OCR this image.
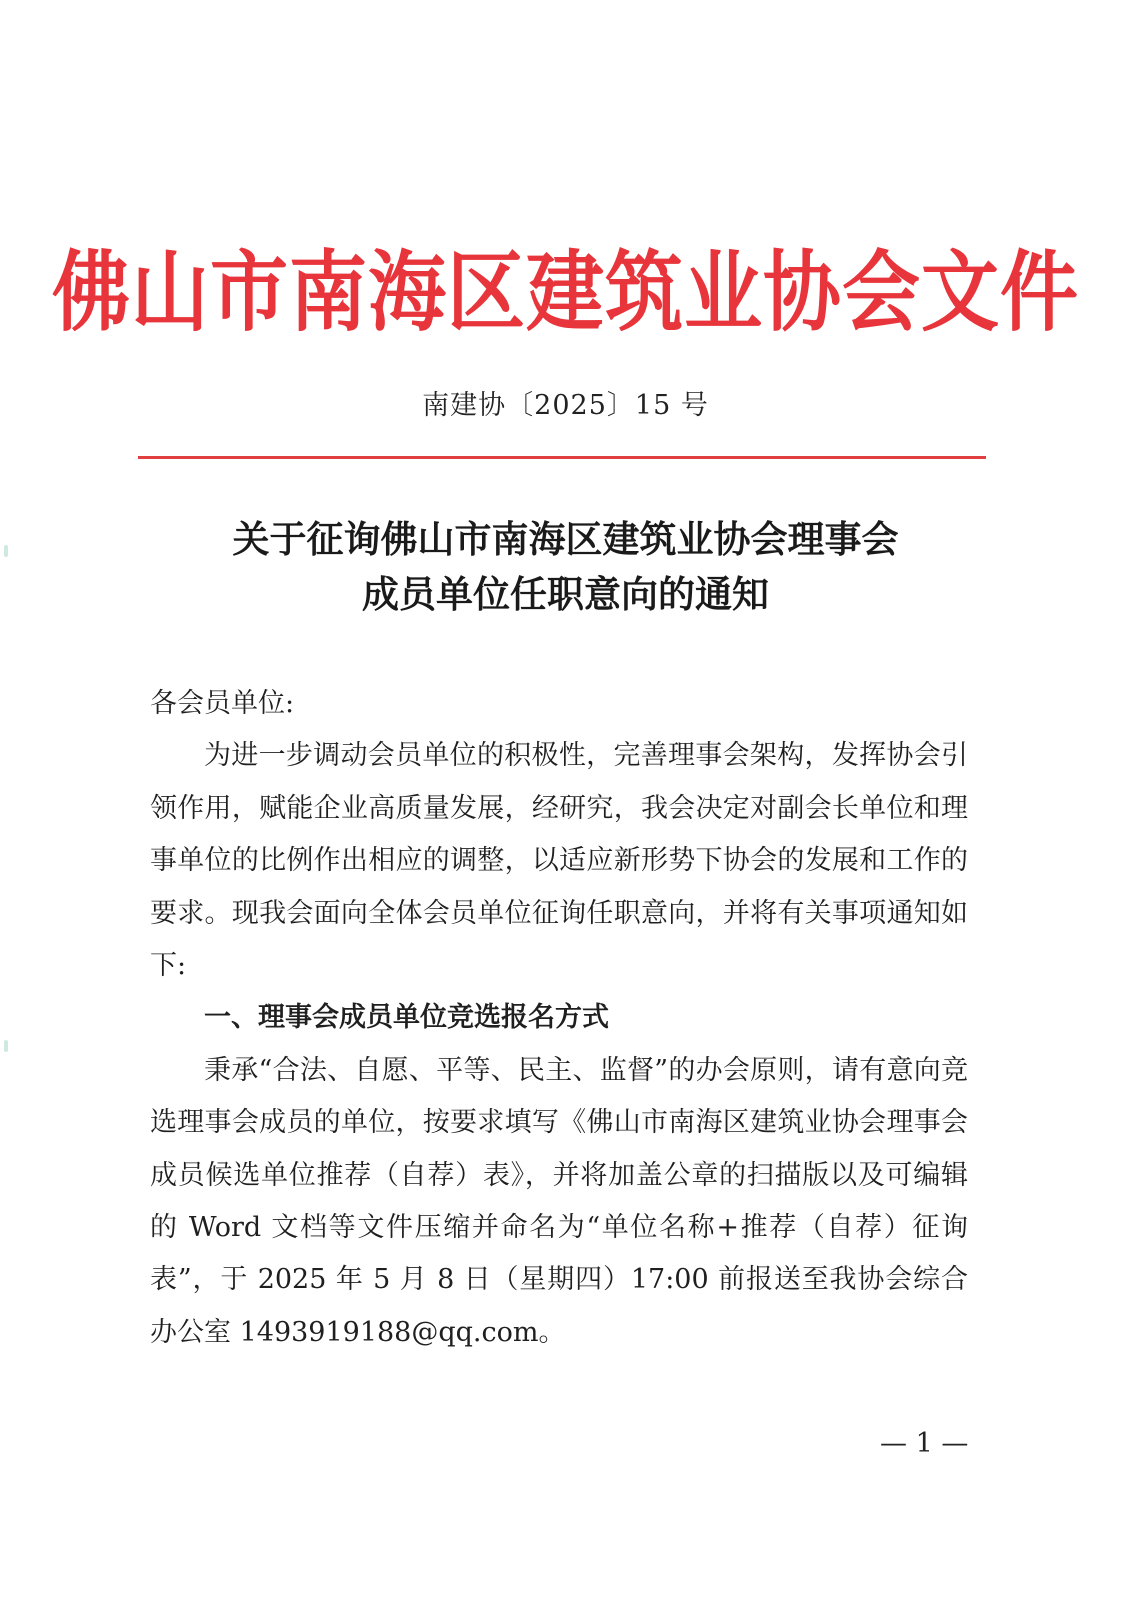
佛山市南海区建筑业协会文件
南建协〔2025〕15 号
关于征询佛山市南海区建筑业协会理事会
成员单位任职意向的通知

各会员单位:

为进一步调动会员单位的积极性，完善理事会架构，发挥协会引领作用，赋能企业高质量发展，经研究，我会决定对副会长单位和理事单位的比例作出相应的调整，以适应新形势下协会的发展和工作的要求。现我会面向全体会员单位征询任职意向，并将有关事项通知如下:

一、理事会成员单位竞选报名方式

秉承“合法、自愿、平等、民主、监督”的办会原则，请有意向竞选理事会成员的单位，按要求填写《佛山市南海区建筑业协会理事会成员候选单位推荐（自荐）表》，并将加盖公章的扫描版以及可编辑的 Word 文档等文件压缩并命名为“单位名称+推荐（自荐）征询表”，于 2025 年 5 月 8 日（星期四）17:00 前报送至我协会综合办公室 1493919188@qq.com。

— 1 —
